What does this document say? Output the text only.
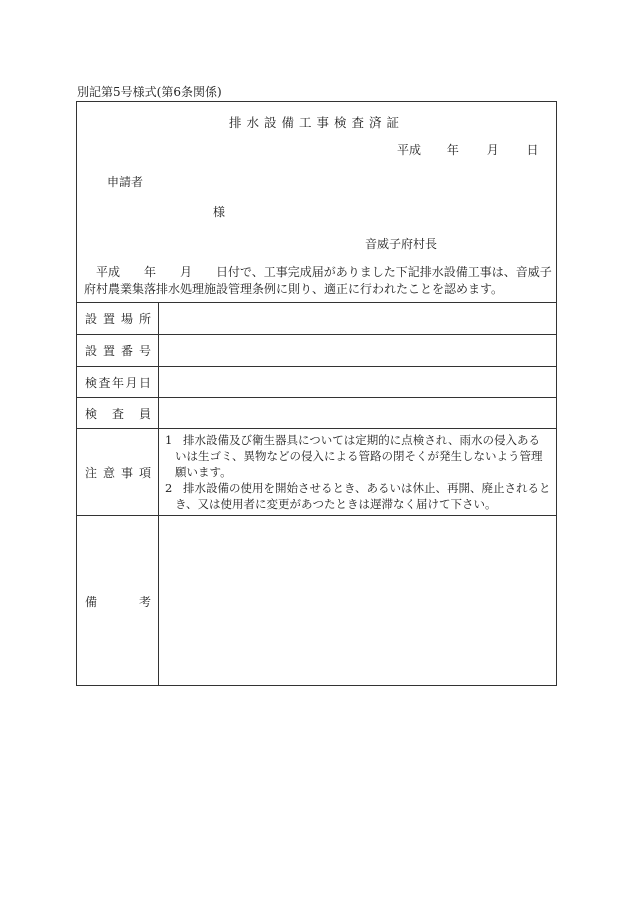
別記第5号様式(第6条関係)
排水設備工事検査済証
平成 年 月 日
申請者
様
音威子府村長
平成　　年　　月　　日付で、工事完成届がありました下記排水設備工事は、音威子府村農業集落排水処理施設管理条例に則り、適正に行われたことを認めます。
設 置 場 所
設 置 番 号
検 査 年 月 日
検 査 員
注 意 事 項
1 排水設備及び衛生器具については定期的に点検され、雨水の侵入あるいは生ゴミ、異物などの侵入による管路の閉そくが発生しないよう管理願います。
2 排水設備の使用を開始させるとき、あるいは休止、再開、廃止されるとき、又は使用者に変更があつたときは遅滞なく届けて下さい。
備	考
